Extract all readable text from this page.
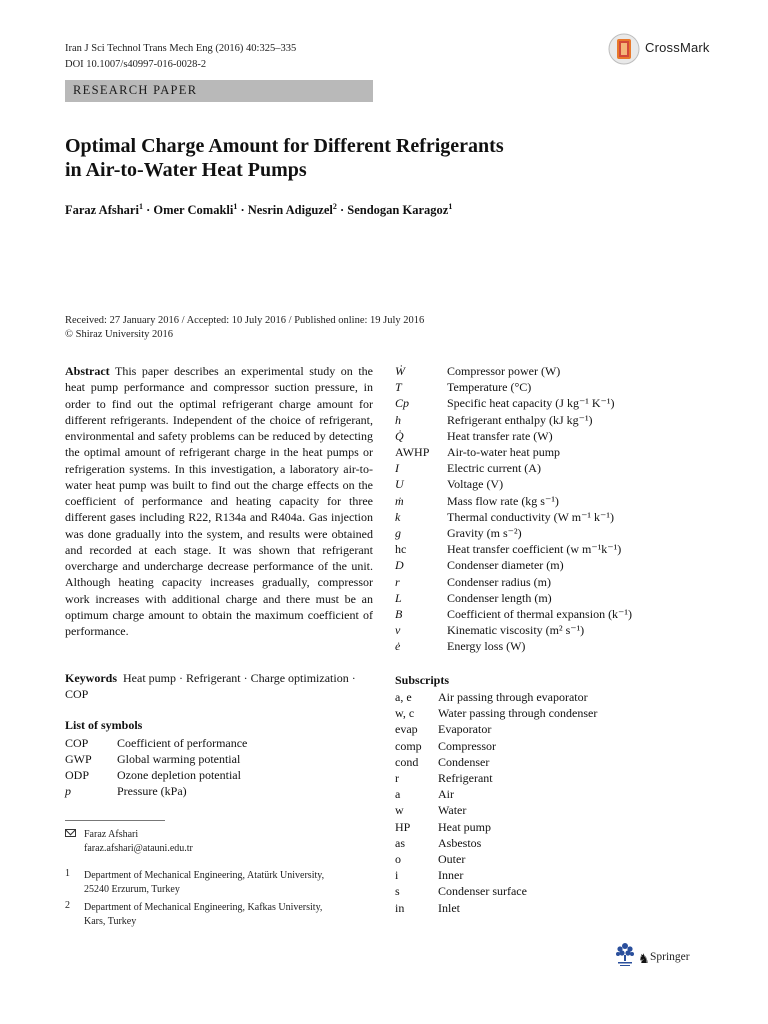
Iran J Sci Technol Trans Mech Eng (2016) 40:325–335
DOI 10.1007/s40997-016-0028-2
CrossMark
RESEARCH PAPER
Optimal Charge Amount for Different Refrigerants
in Air-to-Water Heat Pumps
Faraz Afshari$^1$ · Omer Comakli$^1$ · Nesrin Adiguzel$^2$ · Sendogan Karagoz$^1$
Received: 27 January 2016 / Accepted: 10 July 2016 / Published online: 19 July 2016
© Shiraz University 2016
Abstract This paper describes an experimental study on the heat pump performance and compressor suction pressure, in order to find out the optimal refrigerant charge amount for different refrigerants. Independent of the choice of refrigerant, environmental and safety problems can be reduced by detecting the optimal amount of refrigerant charge in the heat pumps or refrigeration systems. In this investigation, a laboratory air-to-water heat pump was built to find out the charge effects on the coefficient of performance and heating capacity for three different gases including R22, R134a and R404a. Gas injection was done gradually into the system, and results were obtained and recorded at each stage. It was shown that refrigerant overcharge and undercharge decrease performance of the unit. Although heating capacity increases gradually, compressor work increases with additional charge and there must be an optimum charge amount to obtain the maximum coefficient of performance.
Keywords Heat pump · Refrigerant · Charge optimization · COP
List of symbols
COP Coefficient of performance
GWP Global warming potential
ODP Ozone depletion potential
p	Pressure (kPa)
Faraz Afshari
faraz.afshari@atauni.edu.tr
1 Department of Mechanical Engineering, Atatürk University,
25240 Erzurum, Turkey
2 Department of Mechanical Engineering, Kafkas University,
Kars, Turkey
Ẇ	Compressor power (W)
T	Temperature (°C)
Cp	Specific heat capacity (J kg⁻¹ K⁻¹)
h	Refrigerant enthalpy (kJ kg⁻¹)
Q̇	Heat transfer rate (W)
AWHP Air-to-water heat pump
I	Electric current (A)
U	Voltage (V)
ṁ	Mass flow rate (kg s⁻¹)
k	Thermal conductivity (W m⁻¹ k⁻¹)
g	Gravity (m s⁻²)
hc	Heat transfer coefficient (w m⁻¹k⁻¹)
D	Condenser diameter (m)
r	Condenser radius (m)
L	Condenser length (m)
B	Coefficient of thermal expansion (k⁻¹)
v	Kinematic viscosity (m² s⁻¹)
ė	Energy loss (W)
Subscripts
a, e Air passing through evaporator
w, c Water passing through condenser
evap Evaporator
comp Compressor
cond Condenser
r	Refrigerant
a	Air
w	Water
HP Heat pump
as	Asbestos
o	Outer
i	Inner
s	Condenser surface
in	Inlet
♞ Springer
